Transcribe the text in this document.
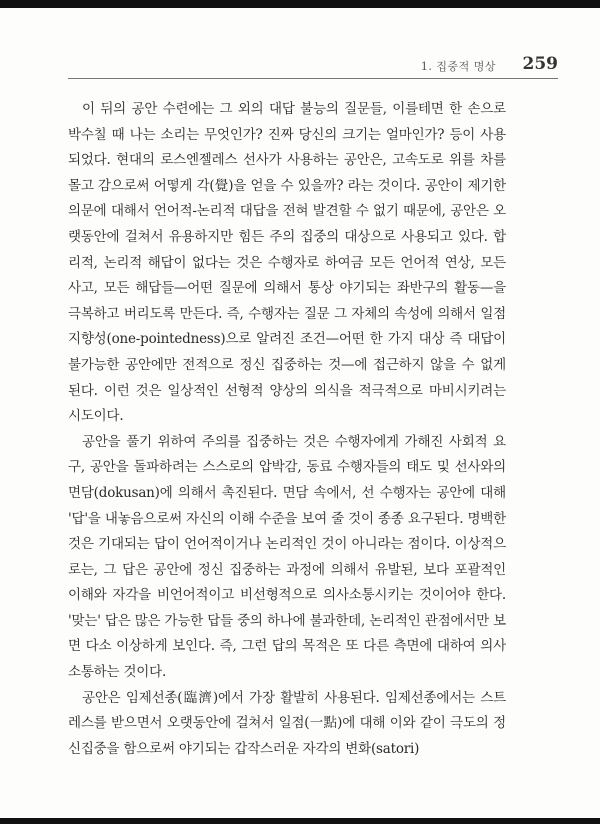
1. 집중적 명상 259

이 뒤의 공안 수련에는 그 외의 대답 불능의 질문들, 이를테면 한 손으로 박수칠 때 나는 소리는 무엇인가? 진짜 당신의 크기는 얼마인가? 등이 사용되었다. 현대의 로스엔젤레스 선사가 사용하는 공안은, 고속도로 위를 차를 몰고 감으로써 어떻게 각(覺)을 얻을 수 있을까? 라는 것이다. 공안이 제기한 의문에 대해서 언어적-논리적 대답을 전혀 발견할 수 없기 때문에, 공안은 오랫동안에 걸쳐서 유용하지만 힘든 주의 집중의 대상으로 사용되고 있다. 합리적, 논리적 해답이 없다는 것은 수행자로 하여금 모든 언어적 연상, 모든 사고, 모든 해답들—어떤 질문에 의해서 통상 야기되는 좌반구의 활동—을 극복하고 버리도록 만든다. 즉, 수행자는 질문 그 자체의 속성에 의해서 일점지향성(one-pointedness)으로 알려진 조건—어떤 한 가지 대상 즉 대답이 불가능한 공안에만 전적으로 정신 집중하는 것—에 접근하지 않을 수 없게 된다. 이런 것은 일상적인 선형적 양상의 의식을 적극적으로 마비시키려는 시도이다.

공안을 풀기 위하여 주의를 집중하는 것은 수행자에게 가해진 사회적 요구, 공안을 돌파하려는 스스로의 압박감, 동료 수행자들의 태도 및 선사와의 면담(dokusan)에 의해서 촉진된다. 면담 속에서, 선 수행자는 공안에 대해 '답'을 내놓음으로써 자신의 이해 수준을 보여 줄 것이 종종 요구된다. 명백한 것은 기대되는 답이 언어적이거나 논리적인 것이 아니라는 점이다. 이상적으로는, 그 답은 공안에 정신 집중하는 과정에 의해서 유발된, 보다 포괄적인 이해와 자각을 비언어적이고 비선형적으로 의사소통시키는 것이어야 한다. '맞는' 답은 많은 가능한 답들 중의 하나에 불과한데, 논리적인 관점에서만 보면 다소 이상하게 보인다. 즉, 그런 답의 목적은 또 다른 측면에 대하여 의사소통하는 것이다.

공안은 임제선종(臨濟)에서 가장 활발히 사용된다. 임제선종에서는 스트레스를 받으면서 오랫동안에 걸쳐서 일점(一點)에 대해 이와 같이 극도의 정신집중을 함으로써 야기되는 갑작스러운 자각의 변화(satori)
